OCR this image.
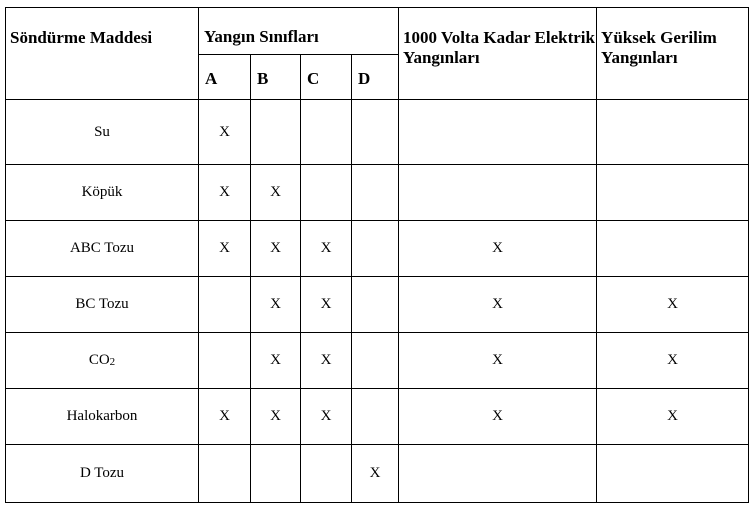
Söndürme Maddesi	Yangın Sınıfları				1000 Volta Kadar Elektrik Yangınları	Yüksek Gerilim Yangınları
	A	B	C	D		
Su	X					
Köpük	X	X				
ABC Tozu	X	X	X		X	
BC Tozu		X	X		X	X
CO2		X	X		X	X
Halokarbon	X	X	X		X	X
D Tozu				X		
